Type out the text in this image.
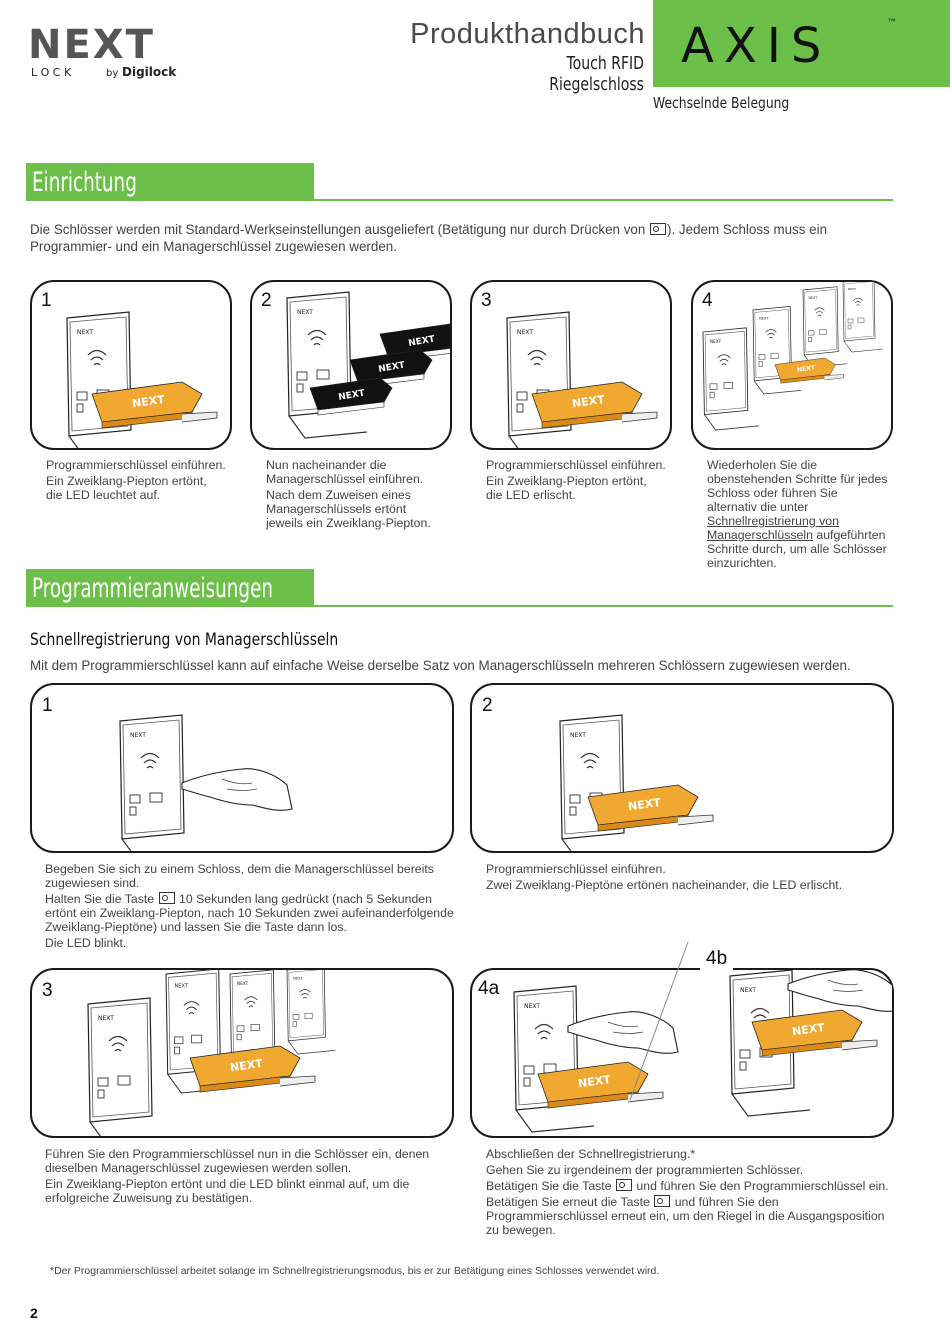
NEXT
L O C K	by Digilock
Produkthandbuch
Touch RFID
Riegelschloss
AXIS	™
Wechselnde Belegung
Einrichtung
Die Schlösser werden mit Standard-Werkseinstellungen ausgeliefert (Betätigung nur durch Drücken von ). Jedem Schloss muss ein
Programmier- und ein Managerschlüssel zugewiesen werden.
1	2	3	4

Programmierschlüssel einführen.

Ein Zweiklang-Piepton ertönt, die LED leuchtet auf.

Nun nacheinander die Managerschlüssel einführen.

Nach dem Zuweisen eines Managerschlüssels ertönt jeweils ein Zweiklang-Piepton.

Programmierschlüssel einführen.

Ein Zweiklang-Piepton ertönt, die LED erlischt.

Wiederholen Sie die obenstehenden Schritte für jedes Schloss oder führen Sie alternativ die unter Schnellregistrierung von Managerschlüsseln aufgeführten Schritte durch, um alle Schlösser einzurichten.
Programmieranweisungen
Schnellregistrierung von Managerschlüsseln
Mit dem Programmierschlüssel kann auf einfache Weise derselbe Satz von Managerschlüsseln mehreren Schlössern zugewiesen werden.
1	2

Begeben Sie sich zu einem Schloss, dem die Managerschlüssel bereits zugewiesen sind.

Halten Sie die Taste 10 Sekunden lang gedrückt (nach 5 Sekunden ertönt ein Zweiklang-Piepton, nach 10 Sekunden zwei aufeinanderfolgende Zweiklang-Pieptöne) und lassen Sie die Taste dann los.

Die LED blinkt.

Programmierschlüssel einführen.

Zwei Zweiklang-Pieptöne ertönen nacheinander, die LED erlischt.

3
4b
4a

Führen Sie den Programmierschlüssel nun in die Schlösser ein, denen dieselben Managerschlüssel zugewiesen werden sollen.

Ein Zweiklang-Piepton ertönt und die LED blinkt einmal auf, um die erfolgreiche Zuweisung zu bestätigen.

Abschließen der Schnellregistrierung.*

Gehen Sie zu irgendeinem der programmierten Schlösser.

Betätigen Sie die Taste und führen Sie den Programmierschlüssel ein.

Betätigen Sie erneut die Taste und führen Sie den Programmierschlüssel erneut ein, um den Riegel in die Ausgangsposition zu bewegen.

*Der Programmierschlüssel arbeitet solange im Schnellregistrierungsmodus, bis er zur Betätigung eines Schlosses verwendet wird.
2
